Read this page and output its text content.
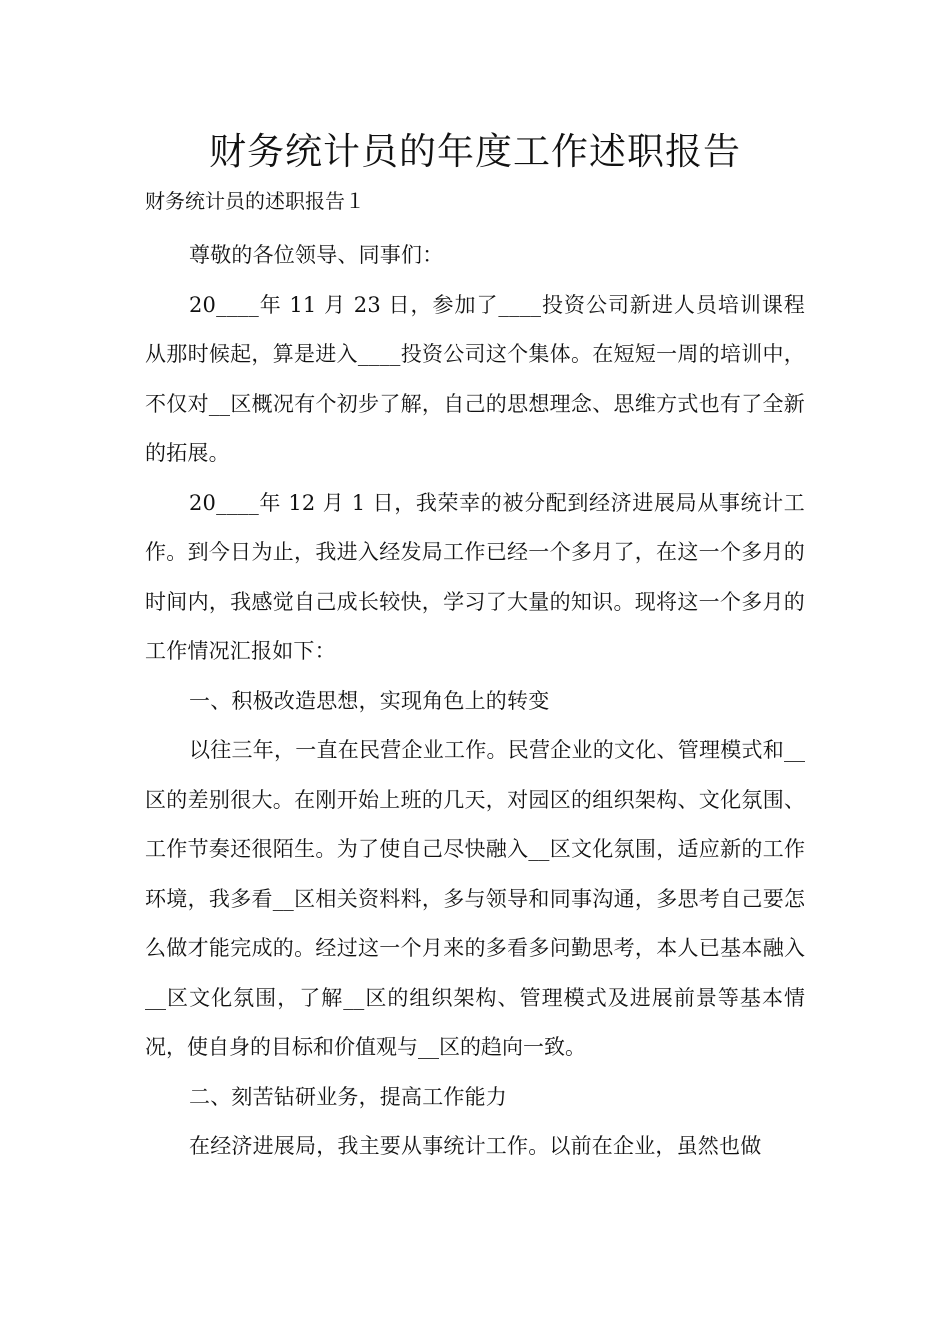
财务统计员的年度工作述职报告

财务统计员的述职报告１

尊敬的各位领导、同事们：

20____年 11 月 23 日，参加了____投资公司新进人员培训课程从那时候起，算是进入____投资公司这个集体。在短短一周的培训中，不仅对__区概况有个初步了解，自己的思想理念、思维方式也有了全新的拓展。

20____年 12 月 1 日，我荣幸的被分配到经济进展局从事统计工作。到今日为止，我进入经发局工作已经一个多月了，在这一个多月的时间内，我感觉自己成长较快，学习了大量的知识。现将这一个多月的工作情况汇报如下：

一、积极改造思想，实现角色上的转变

以往三年，一直在民营企业工作。民营企业的文化、管理模式和__区的差别很大。在刚开始上班的几天，对园区的组织架构、文化氛围、工作节奏还很陌生。为了使自己尽快融入__区文化氛围，适应新的工作环境，我多看__区相关资料料，多与领导和同事沟通，多思考自己要怎么做才能完成的。经过这一个月来的多看多问勤思考，本人已基本融入__区文化氛围，了解__区的组织架构、管理模式及进展前景等基本情况，使自身的目标和价值观与__区的趋向一致。

二、刻苦钻研业务，提高工作能力

在经济进展局，我主要从事统计工作。以前在企业，虽然也做
